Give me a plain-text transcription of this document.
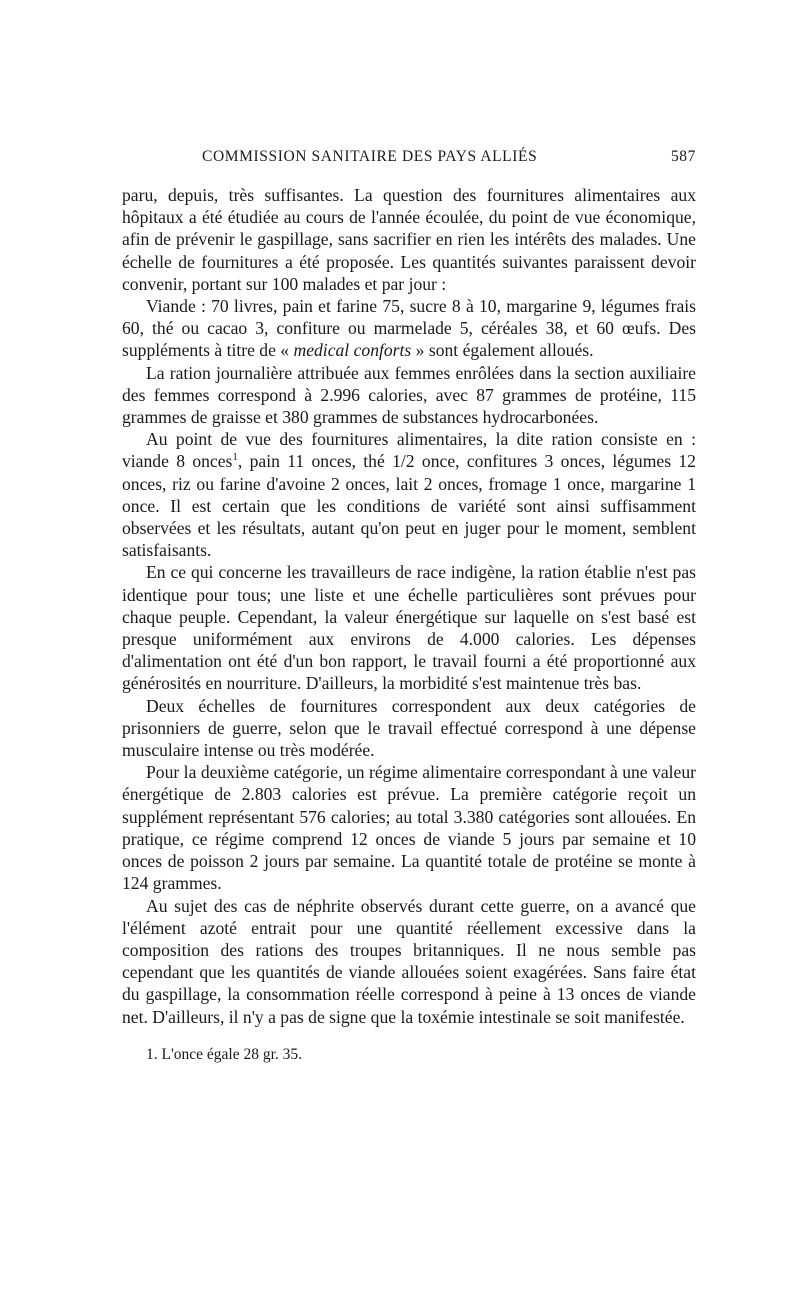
COMMISSION SANITAIRE DES PAYS ALLIÉS	587

paru, depuis, très suffisantes. La question des fournitures alimentaires aux hôpitaux a été étudiée au cours de l'année écoulée, du point de vue économique, afin de prévenir le gaspillage, sans sacrifier en rien les intérêts des malades. Une échelle de fournitures a été proposée. Les quantités suivantes paraissent devoir convenir, portant sur 100 malades et par jour :

Viande : 70 livres, pain et farine 75, sucre 8 à 10, margarine 9, légumes frais 60, thé ou cacao 3, confiture ou marmelade 5, céréales 38, et 60 œufs. Des suppléments à titre de « medical conforts » sont également alloués.

La ration journalière attribuée aux femmes enrôlées dans la section auxiliaire des femmes correspond à 2.996 calories, avec 87 grammes de protéine, 115 grammes de graisse et 380 grammes de substances hydrocarbonées.

Au point de vue des fournitures alimentaires, la dite ration consiste en : viande 8 onces$^1$, pain 11 onces, thé 1/2 once, confitures 3 onces, légumes 12 onces, riz ou farine d'avoine 2 onces, lait 2 onces, fromage 1 once, margarine 1 once. Il est certain que les conditions de variété sont ainsi suffisamment observées et les résultats, autant qu'on peut en juger pour le moment, semblent satisfaisants.

En ce qui concerne les travailleurs de race indigène, la ration établie n'est pas identique pour tous; une liste et une échelle particulières sont prévues pour chaque peuple. Cependant, la valeur énergétique sur laquelle on s'est basé est presque uniformément aux environs de 4.000 calories. Les dépenses d'alimentation ont été d'un bon rapport, le travail fourni a été proportionné aux générosités en nourriture. D'ailleurs, la morbidité s'est maintenue très bas.

Deux échelles de fournitures correspondent aux deux catégories de prisonniers de guerre, selon que le travail effectué correspond à une dépense musculaire intense ou très modérée.

Pour la deuxième catégorie, un régime alimentaire correspondant à une valeur énergétique de 2.803 calories est prévue. La première catégorie reçoit un supplément représentant 576 calories; au total 3.380 catégories sont allouées. En pratique, ce régime comprend 12 onces de viande 5 jours par semaine et 10 onces de poisson 2 jours par semaine. La quantité totale de protéine se monte à 124 grammes.

Au sujet des cas de néphrite observés durant cette guerre, on a avancé que l'élément azoté entrait pour une quantité réellement excessive dans la composition des rations des troupes britanniques. Il ne nous semble pas cependant que les quantités de viande allouées soient exagérées. Sans faire état du gaspillage, la consommation réelle correspond à peine à 13 onces de viande net. D'ailleurs, il n'y a pas de signe que la toxémie intestinale se soit manifestée.

1. L'once égale 28 gr. 35.
